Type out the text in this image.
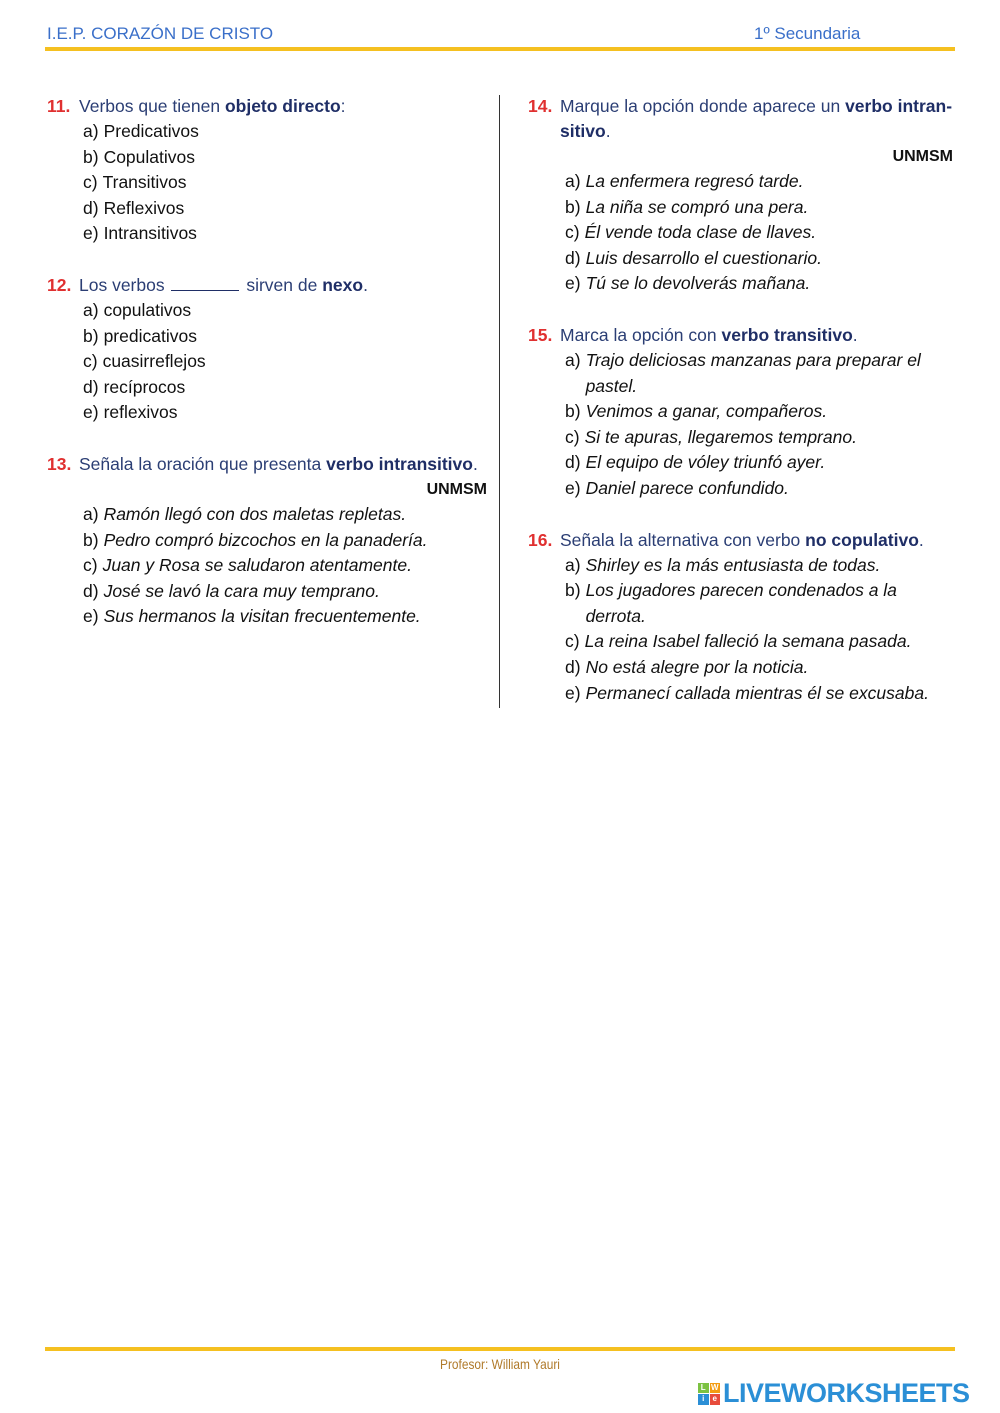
I.E.P. CORAZÓN DE CRISTO	1º Secundaria
11. Verbos que tienen objeto directo:
a) Predicativos
b) Copulativos
c) Transitivos
d) Reflexivos
e) Intransitivos
12. Los verbos	sirven de nexo.
a) copulativos
b) predicativos
c) cuasirreflejos
d) recíprocos
e) reflexivos
13. Señala la oración que presenta verbo intransitivo.
UNMSM
a) Ramón llegó con dos maletas repletas.
b) Pedro compró bizcochos en la panadería.
c) Juan y Rosa se saludaron atentamente.
d) José se lavó la cara muy temprano.
e) Sus hermanos la visitan frecuentemente.
14. Marque la opción donde aparece un verbo intran-sitivo.
UNMSM
a) La enfermera regresó tarde.
b) La niña se compró una pera.
c) Él vende toda clase de llaves.
d) Luis desarrollo el cuestionario.
e) Tú se lo devolverás mañana.
15. Marca la opción con verbo transitivo.
a) Trajo deliciosas manzanas para preparar el pastel.
b) Venimos a ganar, compañeros.
c) Si te apuras, llegaremos temprano.
d) El equipo de vóley triunfó ayer.
e) Daniel parece confundido.
16. Señala la alternativa con verbo no copulativo.
a) Shirley es la más entusiasta de todas.
b) Los jugadores parecen condenados a la derrota.
c) La reina Isabel falleció la semana pasada.
d) No está alegre por la noticia.
e) Permanecí callada mientras él se excusaba.
Profesor: William Yauri
L W
i	e LIVEWORKSHEETS
